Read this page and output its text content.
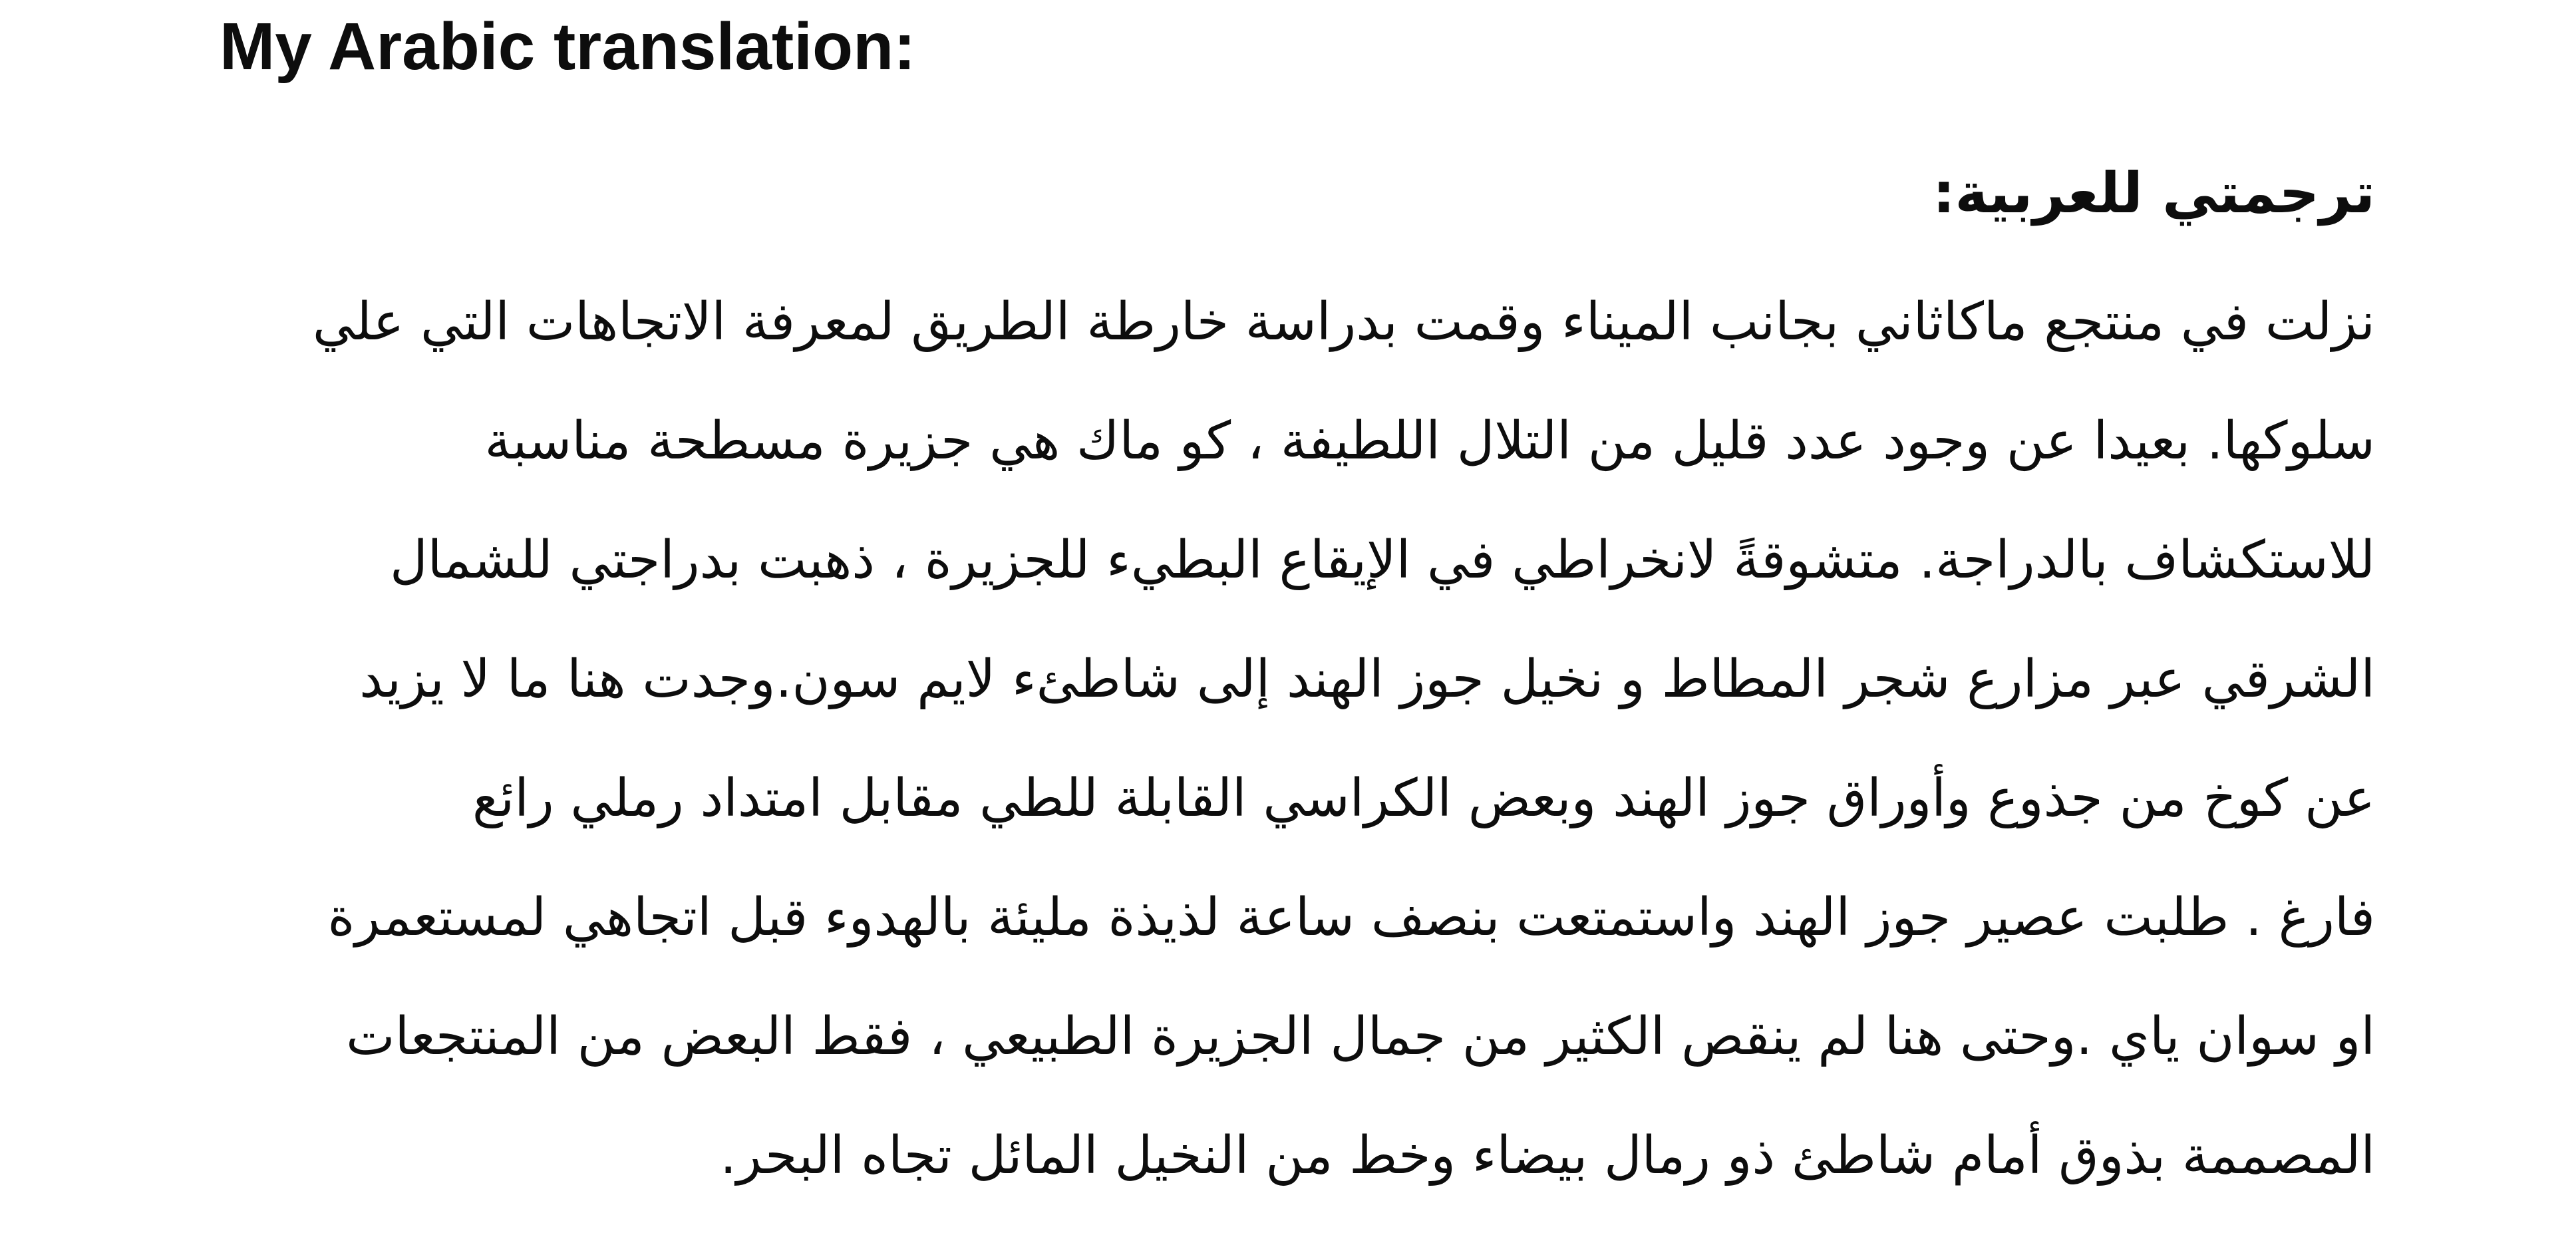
My Arabic translation:
ترجمتي للعربية:
نزلت في منتجع ماكاثاني بجانب الميناء وقمت بدراسة خارطة الطريق لمعرفة الاتجاهات التي علي
سلوكها. بعيدا عن وجود عدد قليل من التلال اللطيفة ، كو ماك هي جزيرة مسطحة مناسبة
للاستكشاف بالدراجة. متشوقةً لانخراطي في الإيقاع البطيء للجزيرة ، ذهبت بدراجتي للشمال
الشرقي عبر مزارع شجر المطاط و نخيل جوز الهند إلى شاطئء لايم سون.وجدت هنا ما لا يزيد
عن كوخ من جذوع وأوراق جوز الهند وبعض الكراسي القابلة للطي مقابل امتداد رملي رائع
فارغ . طلبت عصير جوز الهند واستمتعت بنصف ساعة لذيذة مليئة بالهدوء قبل اتجاهي لمستعمرة
او سوان ياي .وحتى هنا لم ينقص الكثير من جمال الجزيرة الطبيعي ، فقط البعض من المنتجعات
المصممة بذوق أمام شاطئ ذو رمال بيضاء وخط من النخيل المائل تجاه البحر.
